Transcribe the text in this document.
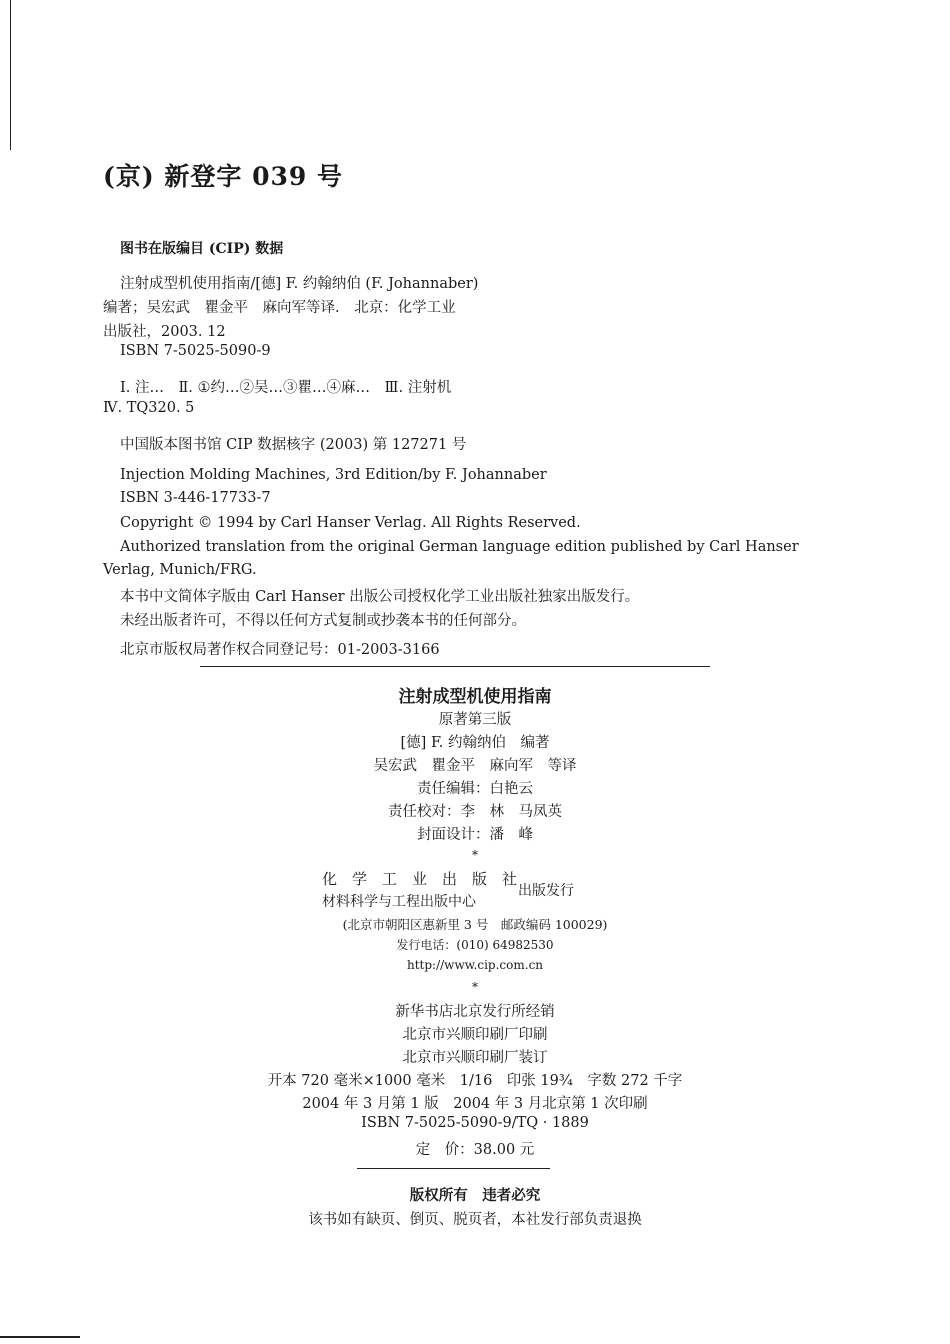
(京) 新登字 039 号
图书在版编目 (CIP) 数据
注射成型机使用指南/[德] F. 约翰纳伯 (F. Johannaber)
编著；吴宏武　瞿金平　麻向军等译.　北京：化学工业
出版社，2003. 12
ISBN 7-5025-5090-9
Ⅰ. 注…　Ⅱ. ①约…②吴…③瞿…④麻…　Ⅲ. 注射机
Ⅳ. TQ320. 5
中国版本图书馆 CIP 数据核字 (2003) 第 127271 号
Injection Molding Machines, 3rd Edition/by F. Johannaber
ISBN 3-446-17733-7
Copyright © 1994 by Carl Hanser Verlag. All Rights Reserved.
Authorized translation from the original German language edition published by Carl Hanser
Verlag, Munich/FRG.
本书中文简体字版由 Carl Hanser 出版公司授权化学工业出版社独家出版发行。
未经出版者许可，不得以任何方式复制或抄袭本书的任何部分。
北京市版权局著作权合同登记号：01-2003-3166
注射成型机使用指南
原著第三版
[德] F. 约翰纳伯　编著
吴宏武　瞿金平　麻向军　等译
责任编辑：白艳云
责任校对：李　林　马凤英
封面设计：潘　峰
*
化　学　工　业　出　版　社
材料科学与工程出版中心
出版发行
(北京市朝阳区惠新里 3 号　邮政编码 100029)
发行电话：(010) 64982530
http://www.cip.com.cn
*
新华书店北京发行所经销
北京市兴顺印刷厂印刷
北京市兴顺印刷厂装订
开本 720 毫米×1000 毫米　1/16　印张 19¾　字数 272 千字
2004 年 3 月第 1 版　2004 年 3 月北京第 1 次印刷
ISBN 7-5025-5090-9/TQ · 1889
定　价：38.00 元
版权所有　违者必究
该书如有缺页、倒页、脱页者，本社发行部负责退换
